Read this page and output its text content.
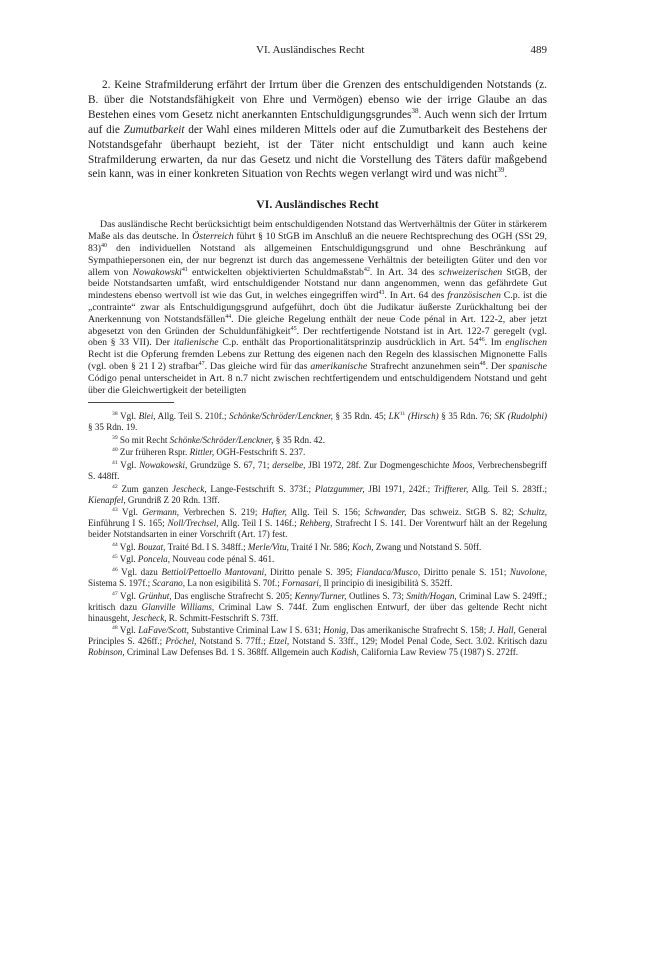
VI. Ausländisches Recht	489

2. Keine Strafmilderung erfährt der Irrtum über die Grenzen des entschuldigenden Notstands (z. B. über die Notstandsfähigkeit von Ehre und Vermögen) ebenso wie der irrige Glaube an das Bestehen eines vom Gesetz nicht anerkannten Entschuldigungsgrundes$^{38}$. Auch wenn sich der Irrtum auf die Zumutbarkeit der Wahl eines milderen Mittels oder auf die Zumutbarkeit des Bestehens der Notstandsgefahr überhaupt bezieht, ist der Täter nicht entschuldigt und kann auch keine Strafmilderung erwarten, da nur das Gesetz und nicht die Vorstellung des Täters dafür maßgebend sein kann, was in einer konkreten Situation von Rechts wegen verlangt wird und was nicht$^{39}$.

VI. Ausländisches Recht

Das ausländische Recht berücksichtigt beim entschuldigenden Notstand das Wertverhältnis der Güter in stärkerem Maße als das deutsche. In Österreich führt § 10 StGB im Anschluß an die neuere Rechtsprechung des OGH (SSt 29, 83)$^{40}$ den individuellen Notstand als allgemeinen Entschuldigungsgrund und ohne Beschränkung auf Sympathiepersonen ein, der nur begrenzt ist durch das angemessene Verhältnis der beteiligten Güter und den vor allem von Nowakowski$^{41}$ entwickelten objektivierten Schuldmaßstab$^{42}$. In Art. 34 des schweizerischen StGB, der beide Notstandsarten umfaßt, wird entschuldigender Notstand nur dann angenommen, wenn das gefährdete Gut mindestens ebenso wertvoll ist wie das Gut, in welches eingegriffen wird$^{43}$. In Art. 64 des französischen C.p. ist die „contrainte“ zwar als Entschuldigungsgrund aufgeführt, doch übt die Judikatur äußerste Zurückhaltung bei der Anerkennung von Notstandsfällen$^{44}$. Die gleiche Regelung enthält der neue Code pénal in Art. 122-2, aber jetzt abgesetzt von den Gründen der Schuldunfähigkeit$^{45}$. Der rechtfertigende Notstand ist in Art. 122-7 geregelt (vgl. oben § 33 VII). Der italienische C.p. enthält das Proportionalitätsprinzip ausdrücklich in Art. $54^{46}$. Im englischen Recht ist die Opferung fremden Lebens zur Rettung des eigenen nach den Regeln des klassischen Mignonette Falls (vgl. oben § 21 I 2) strafbar$^{47}$. Das gleiche wird für das amerikanische Strafrecht anzunehmen sein$^{48}$. Der spanische Código penal unterscheidet in Art. 8 n.7 nicht zwischen rechtfertigendem und entschuldigendem Notstand und geht über die Gleichwertigkeit der beteiligten

$^{38}$ Vgl. Blei, Allg. Teil S. 210f.; Schönke/Schröder/Lenckner, § 35 Rdn. 45; LK$^{11}$ (Hirsch) § 35 Rdn. 76; SK (Rudolphi) § 35 Rdn. 19.

$^{39}$ So mit Recht Schönke/Schröder/Lenckner, § 35 Rdn. 42.

$^{40}$ Zur früheren Rspr. Rittler, OGH-Festschrift S. 237.

$^{41}$ Vgl. Nowakowski, Grundzüge S. 67, 71; derselbe, JBl 1972, 28f. Zur Dogmengeschichte Moos, Verbrechensbegriff S. 448ff.

$^{42}$ Zum ganzen Jescheck, Lange-Festschrift S. 373f.; Platzgummer, JBl 1971, 242f.; Triffterer, Allg. Teil S. 283ff.; Kienapfel, Grundriß Z 20 Rdn. 13ff.

$^{43}$ Vgl. Germann, Verbrechen S. 219; Hafter, Allg. Teil S. 156; Schwander, Das schweiz. StGB S. 82; Schultz, Einführung I S. 165; Noll/Trechsel, Allg. Teil I S. 146f.; Rehberg, Strafrecht I S. 141. Der Vorentwurf hält an der Regelung beider Notstandsarten in einer Vorschrift (Art. 17) fest.

$^{44}$ Vgl. Bouzat, Traité Bd. I S. 348ff.; Merle/Vitu, Traité I Nr. 586; Koch, Zwang und Notstand S. 50ff.

$^{45}$ Vgl. Poncela, Nouveau code pénal S. 461.

$^{46}$ Vgl. dazu Bettiol/Pettoello Mantovani, Diritto penale S. 395; Fiandaca/Musco, Diritto penale S. 151; Nuvolone, Sistema S. 197f.; Scarano, La non esigibilità S. 70f.; Fornasari, Il principio di inesigibilità S. 352ff.

$^{47}$ Vgl. Grünhut, Das englische Strafrecht S. 205; Kenny/Turner, Outlines S. 73; Smith/Hogan, Criminal Law S. 249ff.; kritisch dazu Glanville Williams, Criminal Law S. 744f. Zum englischen Entwurf, der über das geltende Recht nicht hinausgeht, Jescheck, R. Schmitt-Festschrift S. 73ff.

$^{48}$ Vgl. LaFave/Scott, Substantive Criminal Law I S. 631; Honig, Das amerikanische Strafrecht S. 158; J. Hall, General Principles S. 426ff.; Pröchel, Notstand S. 77ff.; Etzel, Notstand S. 33ff., 129; Model Penal Code, Sect. 3.02. Kritisch dazu Robinson, Criminal Law Defenses Bd. 1 S. 368ff. Allgemein auch Kadish, California Law Review 75 (1987) S. 272ff.
